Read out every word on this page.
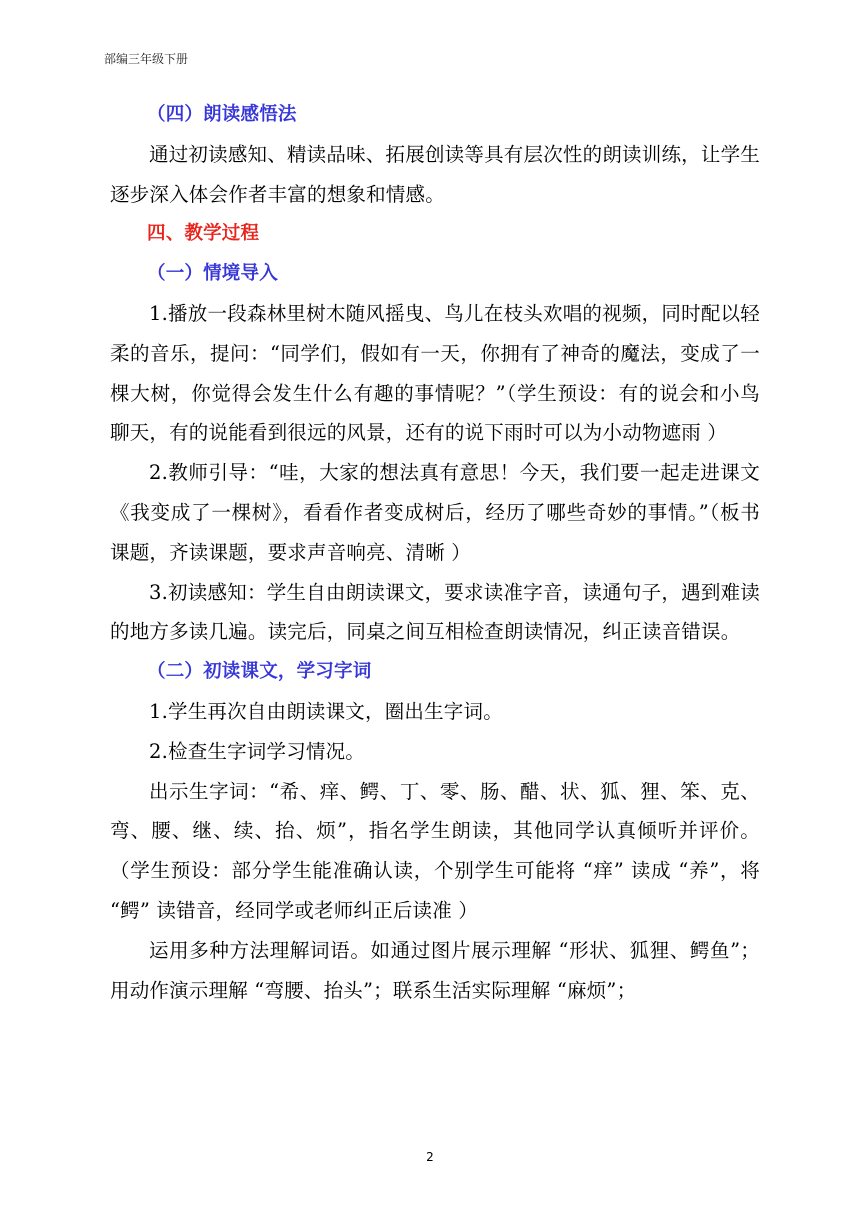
部编三年级下册

（四）朗读感悟法

通过初读感知、精读品味、拓展创读等具有层次性的朗读训练，让学生逐步深入体会作者丰富的想象和情感。

四、教学过程

（一）情境导入

1.播放一段森林里树木随风摇曳、鸟儿在枝头欢唱的视频，同时配以轻柔的音乐，提问：“同学们，假如有一天，你拥有了神奇的魔法，变成了一棵大树，你觉得会发生什么有趣的事情呢？”（学生预设：有的说会和小鸟聊天，有的说能看到很远的风景，还有的说下雨时可以为小动物遮雨 ）

2.教师引导：“哇，大家的想法真有意思！今天，我们要一起走进课文《我变成了一棵树》，看看作者变成树后，经历了哪些奇妙的事情。”（板书课题，齐读课题，要求声音响亮、清晰 ）

3.初读感知：学生自由朗读课文，要求读准字音，读通句子，遇到难读的地方多读几遍。读完后，同桌之间互相检查朗读情况，纠正读音错误。

（二）初读课文，学习字词

1.学生再次自由朗读课文，圈出生字词。

2.检查生字词学习情况。

出示生字词：“希、痒、鳄、丁、零、肠、醋、状、狐、狸、笨、克、弯、腰、继、续、抬、烦”，指名学生朗读，其他同学认真倾听并评价。（学生预设：部分学生能准确认读，个别学生可能将 “痒” 读成 “养”，将 “鳄” 读错音，经同学或老师纠正后读准 ）

运用多种方法理解词语。如通过图片展示理解 “形状、狐狸、鳄鱼”；用动作演示理解 “弯腰、抬头”；联系生活实际理解 “麻烦”；

2
